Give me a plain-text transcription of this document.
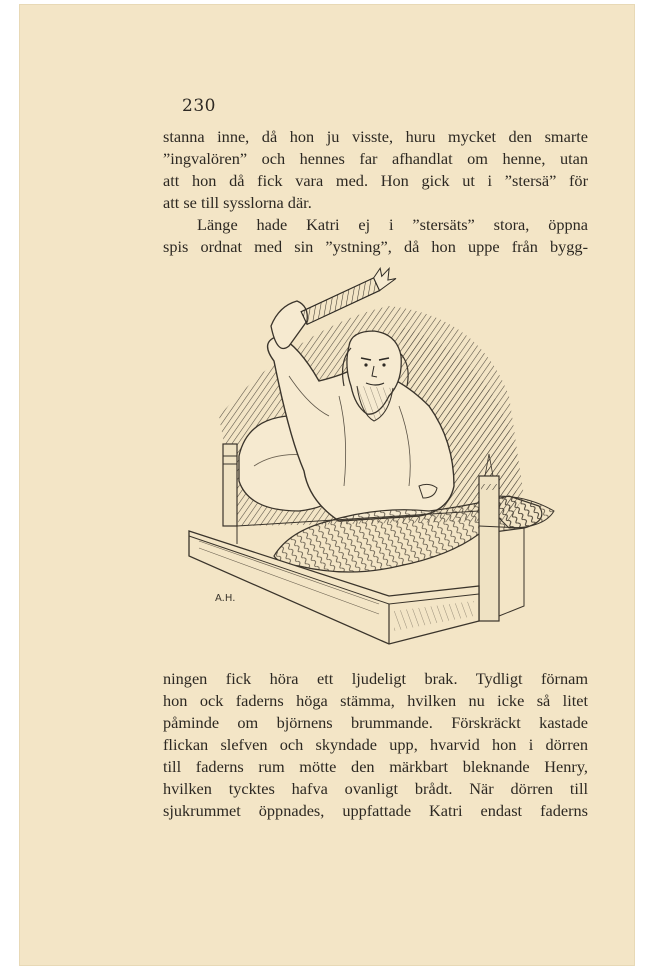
230
stanna inne, då hon ju visste, huru mycket den smarte
”ingvalören” och hennes far afhandlat om henne, utan
att hon då fick vara med. Hon gick ut i ”stersä” för
att se till sysslorna där.
Länge hade Katri ej i ”stersäts” stora, öppna
spis ordnat med sin ”ystning”, då hon uppe från bygg-
A.H.
ningen fick höra ett ljudeligt brak. Tydligt förnam
hon ock faderns höga stämma, hvilken nu icke så litet
påminde om björnens brummande. Förskräckt kastade
flickan slefven och skyndade upp, hvarvid hon i dörren
till faderns rum mötte den märkbart bleknande Henry,
hvilken tycktes hafva ovanligt brådt. När dörren till
sjukrummet öppnades, uppfattade Katri endast faderns
